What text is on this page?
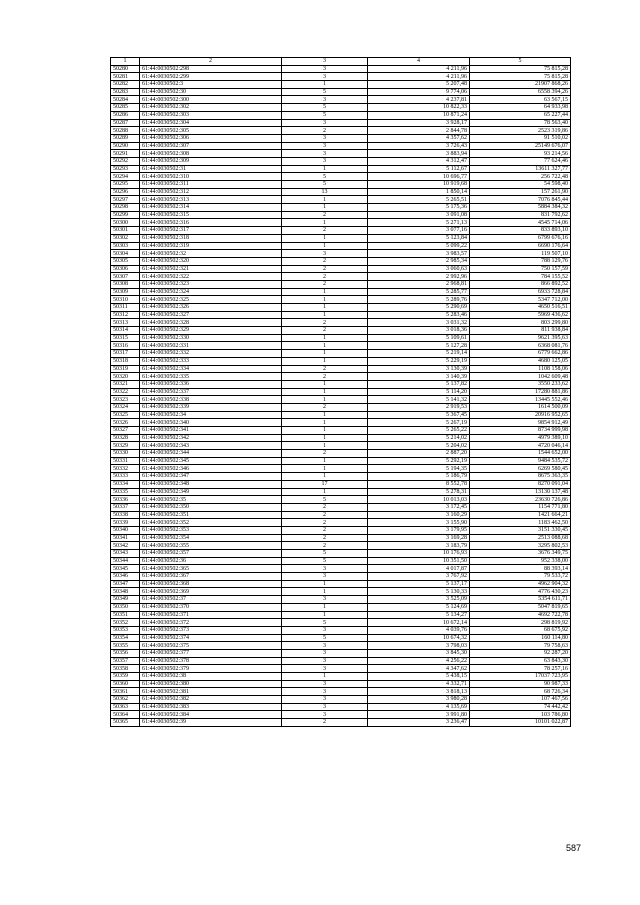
1	2	3	4	5
50280	61:44:0030502:298	3	4 211,96	75 815,28
50281	61:44:0030502:299	3	4 211,96	75 815,28
50282	61:44:0030502:3	1	5 207,48	21907 868,26
50283	61:44:0030502:30	5	9 774,06	6558 394,26
50284	61:44:0030502:300	3	4 237,81	63 567,15
50285	61:44:0030502:302	5	10 822,33	64 933,98
50286	61:44:0030502:303	5	10 871,24	65 227,44
50287	61:44:0030502:304	3	3 928,17	78 563,40
50288	61:44:0030502:305	2	2 844,78	2523 319,86
50289	61:44:0030502:306	3	4 357,62	91 510,02
50290	61:44:0030502:307	3	3 726,43	25149 676,07
50291	61:44:0030502:308	3	3 883,94	93 214,56
50292	61:44:0030502:309	3	4 312,47	77 624,46
50293	61:44:0030502:31	1	5 112,67	13611 327,77
50294	61:44:0030502:310	5	10 696,77	256 722,48
50295	61:44:0030502:311	5	10 919,68	54 598,40
50296	61:44:0030502:312	13	1 850,14	157 261,90
50297	61:44:0030502:313	1	5 265,51	7076 845,44
50298	61:44:0030502:314	1	5 175,36	5884 384,32
50299	61:44:0030502:315	2	3 091,08	831 792,62
50300	61:44:0030502:316	1	5 271,13	4545 714,06
50301	61:44:0030502:317	2	3 077,16	833 893,10
50302	61:44:0030502:318	1	5 123,84	6799 676,16
50303	61:44:0030502:319	1	5 099,22	6690 176,64
50304	61:44:0030502:32	3	3 983,57	119 507,10
50305	61:44:0030502:320	2	2 985,34	788 129,76
50306	61:44:0030502:321	2	3 060,63	750 157,59
50307	61:44:0030502:322	2	2 992,96	784 155,52
50308	61:44:0030502:323	2	2 968,81	866 892,52
50309	61:44:0030502:324	1	5 285,77	6933 728,84
50310	61:44:0030502:325	1	5 289,76	5347 712,00
50311	61:44:0030502:326	1	5 290,69	4650 516,51
50312	61:44:0030502:327	1	5 283,46	5969 436,62
50313	61:44:0030502:328	2	3 031,32	803 299,80
50314	61:44:0030502:329	2	3 018,36	811 938,84
50315	61:44:0030502:330	1	5 109,61	9621 395,63
50316	61:44:0030502:331	1	5 127,28	6368 081,76
50317	61:44:0030502:332	1	5 219,14	6779 662,86
50318	61:44:0030502:333	1	5 229,19	4680 125,05
50319	61:44:0030502:334	2	3 130,39	1108 158,06
50320	61:44:0030502:335	2	3 140,39	1042 609,48
50321	61:44:0030502:336	1	5 137,82	3550 233,62
50322	61:44:0030502:337	1	5 114,20	17280 881,86
50323	61:44:0030502:338	1	5 141,32	13445 552,46
50324	61:44:0030502:339	2	2 919,53	1614 500,09
50325	61:44:0030502:34	1	5 367,45	20916 952,65
50326	61:44:0030502:340	1	5 267,19	9854 912,49
50327	61:44:0030502:341	1	5 265,22	8734 999,98
50328	61:44:0030502:342	1	5 214,02	4979 389,10
50329	61:44:0030502:343	1	5 204,02	4720 046,14
50330	61:44:0030502:344	2	2 887,20	1544 652,00
50331	61:44:0030502:345	1	5 292,19	9484 535,72
50332	61:44:0030502:346	1	5 194,35	6269 580,45
50333	61:44:0030502:347	1	5 186,79	8675 363,35
50334	61:44:0030502:348	17	8 552,78	8270 091,04
50335	61:44:0030502:349	1	5 278,31	13130 137,48
50336	61:44:0030502:35	5	10 013,03	23630 726,86
50337	61:44:0030502:350	2	3 172,45	1154 771,80
50338	61:44:0030502:351	2	3 160,29	1421 664,21
50339	61:44:0030502:352	2	3 155,90	1183 462,50
50340	61:44:0030502:353	2	3 179,95	3151 330,45
50341	61:44:0030502:354	2	3 169,28	2513 088,68
50342	61:44:0030502:355	2	3 183,79	3295 802,53
50343	61:44:0030502:357	5	10 176,93	3676 349,75
50344	61:44:0030502:36	5	10 351,50	952 338,00
50345	61:44:0030502:365	3	4 017,87	88 393,14
50346	61:44:0030502:367	3	3 767,92	79 533,72
50347	61:44:0030502:368	1	5 137,17	4962 904,32
50348	61:44:0030502:369	1	5 130,33	4776 430,23
50349	61:44:0030502:37	3	3 525,09	5354 611,71
50350	61:44:0030502:370	1	5 124,69	5047 819,65
50351	61:44:0030502:371	1	5 134,27	4692 722,78
50352	61:44:0030502:372	5	10 672,14	298 819,92
50353	61:44:0030502:373	3	4 039,76	68 675,92
50354	61:44:0030502:374	5	10 674,32	160 114,80
50355	61:44:0030502:375	3	3 798,03	79 758,63
50356	61:44:0030502:377	3	3 845,30	92 287,20
50357	61:44:0030502:378	3	4 256,22	63 843,30
50358	61:44:0030502:379	3	4 347,62	78 257,16
50359	61:44:0030502:38	1	5 438,15	17037 723,95
50360	61:44:0030502:380	3	4 332,71	90 987,33
50361	61:44:0030502:381	3	3 818,13	68 726,34
50362	61:44:0030502:382	3	3 980,28	107 467,56
50363	61:44:0030502:383	3	4 135,69	74 442,42
50364	61:44:0030502:384	3	3 991,80	103 786,80
50365	61:44:0030502:39	2	3 236,47	10101 022,87
587
